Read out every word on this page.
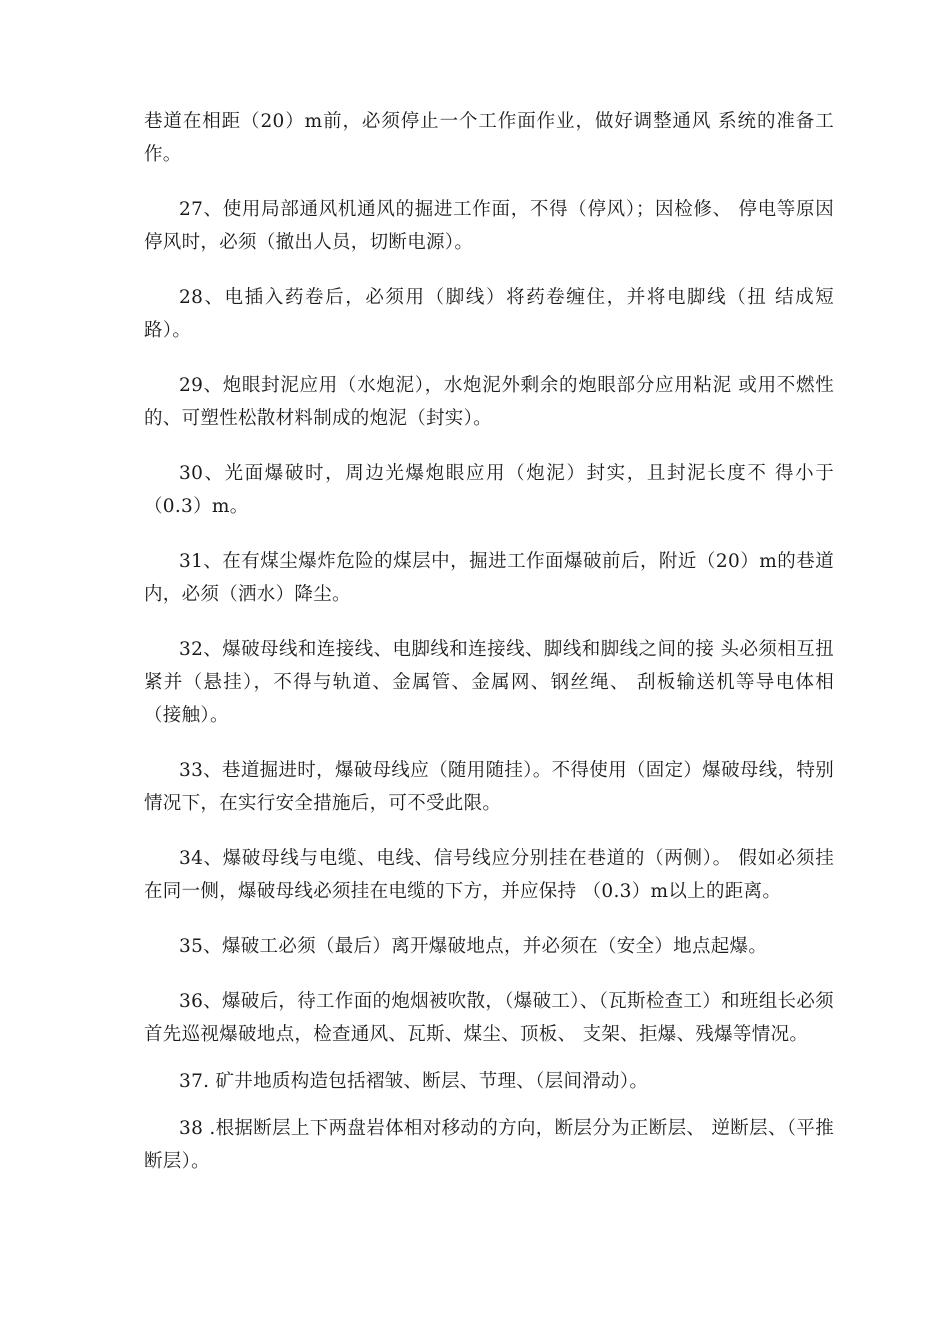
巷道在相距（20）m前，必须停止一个工作面作业，做好调整通风 系统的准备工作。

27、使用局部通风机通风的掘进工作面，不得（停风）；因检修、 停电等原因停风时，必须（撤出人员，切断电源）。

28、电插入药卷后，必须用（脚线）将药卷缠住，并将电脚线（扭 结成短路）。

29、炮眼封泥应用（水炮泥），水炮泥外剩余的炮眼部分应用粘泥 或用不燃性的、可塑性松散材料制成的炮泥（封实）。

30、光面爆破时，周边光爆炮眼应用（炮泥）封实，且封泥长度不 得小于（0.3）m。

31、在有煤尘爆炸危险的煤层中，掘进工作面爆破前后，附近（20）m的巷道内，必须（洒水）降尘。

32、爆破母线和连接线、电脚线和连接线、脚线和脚线之间的接 头必须相互扭紧并（悬挂），不得与轨道、金属管、金属网、钢丝绳、 刮板输送机等导电体相（接触）。

33、巷道掘进时，爆破母线应（随用随挂）。不得使用（固定）爆破母线，特别情况下，在实行安全措施后，可不受此限。

34、爆破母线与电缆、电线、信号线应分别挂在巷道的（两侧）。 假如必须挂在同一侧，爆破母线必须挂在电缆的下方，并应保持 （0.3）m以上的距离。

35、爆破工必须（最后）离开爆破地点，并必须在（安全）地点起爆。

36、爆破后，待工作面的炮烟被吹散，（爆破工）、（瓦斯检查工）和班组长必须首先巡视爆破地点，检查通风、瓦斯、煤尘、顶板、 支架、拒爆、残爆等情况。

37. 矿井地质构造包括褶皱、断层、节理、（层间滑动）。

38 .根据断层上下两盘岩体相对移动的方向，断层分为正断层、 逆断层、（平推断层）。
